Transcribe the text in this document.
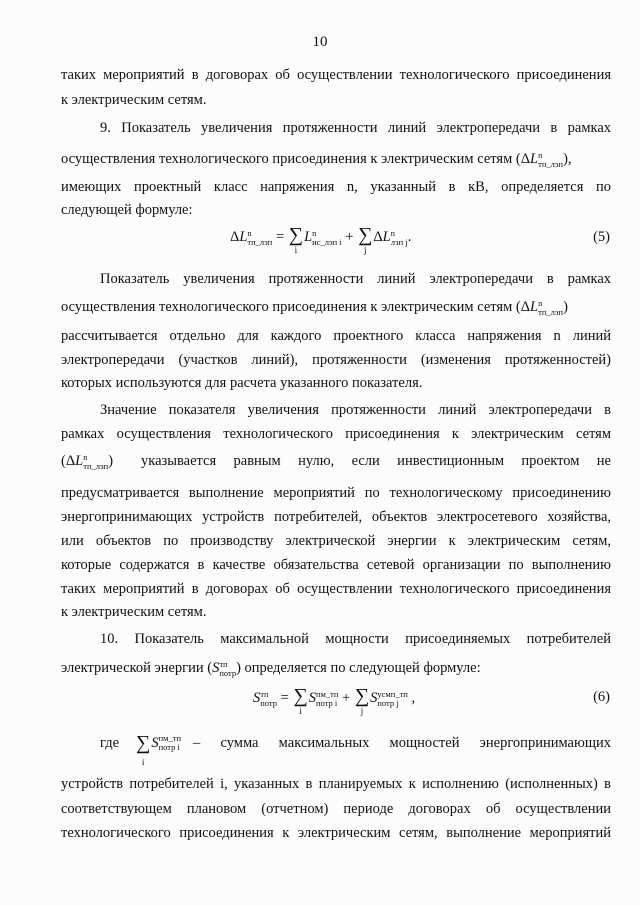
10
таких мероприятий в договорах об осуществлении технологического присоединения
к электрическим сетям.
9. Показатель увеличения протяженности линий электропередачи в рамках
осуществления технологического присоединения к электрическим сетям (ΔL n
тп_лэп ),
имеющих проектный класс напряжения n, указанный в кВ, определяется по
следующей формуле:
ΔL n
тп_лэп = ∑
i
L n
ис_лэп i + ∑
j
ΔL n
лэп j .	(5)
Показатель увеличения протяженности линий электропередачи в рамках
осуществления технологического присоединения к электрическим сетям (ΔL n
тп_лэп )
рассчитывается отдельно для каждого проектного класса напряжения n линий
электропередачи (участков линий), протяженности (изменения протяженностей)
которых используются для расчета указанного показателя.
Значение показателя увеличения протяженности линий электропередачи в
рамках осуществления технологического присоединения к электрическим сетям
(ΔL n
тп_лэп ) указывается равным нулю, если инвестиционным проектом не
предусматривается выполнение мероприятий по технологическому присоединению
энергопринимающих устройств потребителей, объектов электросетевого хозяйства,
или объектов по производству электрической энергии к электрическим сетям,
которые содержатся в качестве обязательства сетевой организации по выполнению
таких мероприятий в договорах об осуществлении технологического присоединения
к электрическим сетям.
10. Показатель максимальной мощности присоединяемых потребителей
электрической энергии (S тп
потр ) определяется по следующей формуле:
S тп
потр = ∑
i
S пм_тп
потр i + ∑
j
S усмп_тп
потр j ,	(6)
где ∑
i
S пм_тп
потр i – сумма максимальных мощностей энергопринимающих
устройств потребителей i, указанных в планируемых к исполнению (исполненных) в
соответствующем плановом (отчетном) периоде договорах об осуществлении
технологического присоединения к электрическим сетям, выполнение мероприятий
